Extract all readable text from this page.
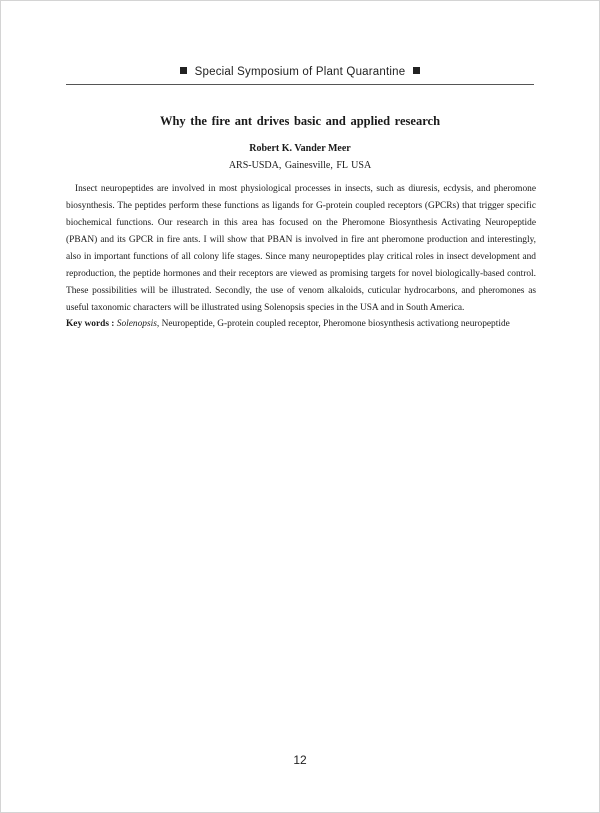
Special Symposium of Plant Quarantine
Why the fire ant drives basic and applied research
Robert K. Vander Meer
ARS-USDA, Gainesville, FL USA

Insect neuropeptides are involved in most physiological processes in insects, such as diuresis, ecdysis, and pheromone biosynthesis. The peptides perform these functions as ligands for G-protein coupled receptors (GPCRs) that trigger specific biochemical functions. Our research in this area has focused on the Pheromone Biosynthesis Activating Neuropeptide (PBAN) and its GPCR in fire ants. I will show that PBAN is involved in fire ant pheromone production and interestingly, also in important functions of all colony life stages. Since many neuropeptides play critical roles in insect development and reproduction, the peptide hormones and their receptors are viewed as promising targets for novel biologically-based control. These possibilities will be illustrated. Secondly, the use of venom alkaloids, cuticular hydrocarbons, and pheromones as useful taxonomic characters will be illustrated using Solenopsis species in the USA and in South America.

Key words : Solenopsis, Neuropeptide, G-protein coupled receptor, Pheromone biosynthesis activationg neuropeptide

12
